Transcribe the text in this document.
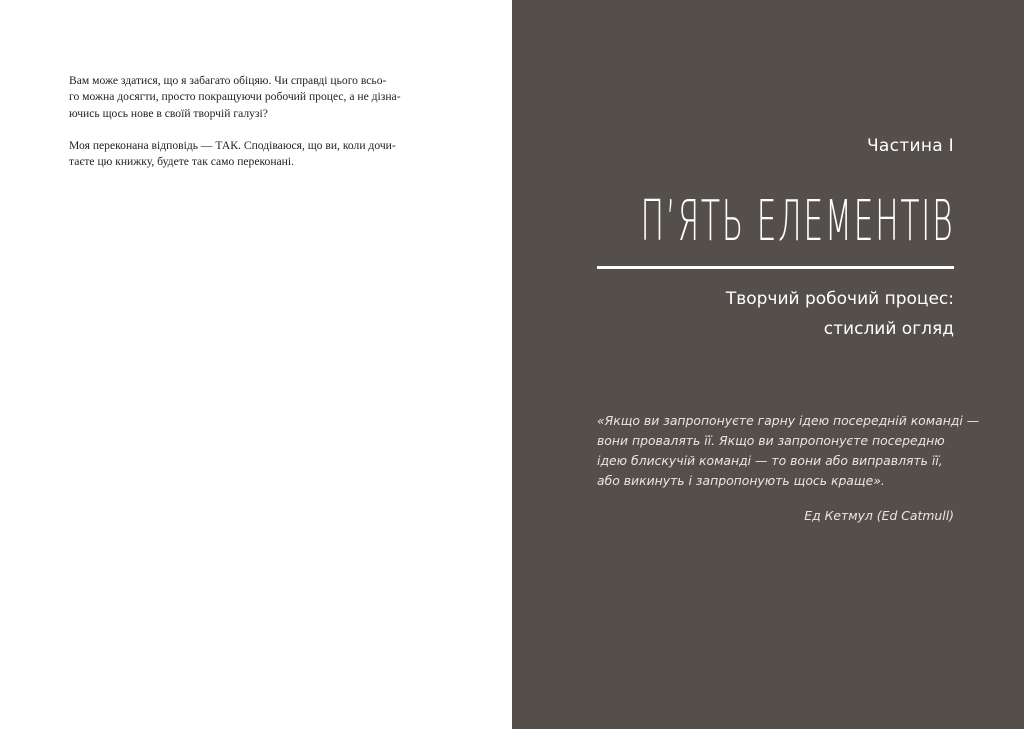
Вам може здатися, що я забагато обіцяю. Чи справді цього всьо-
го можна досягти, просто покращуючи робочий процес, а не дізна-
ючись щось нове в своїй творчій галузі?

Моя переконана відповідь — ТАК. Сподіваюся, що ви, коли дочи-
таєте цю книжку, будете так само переконані.

Частина І
П’ЯТЬ ЕЛЕМЕНТІВ
Творчий робочий процес:
стислий огляд
«Якщо ви запропонуєте гарну ідею посередній команді —
вони провалять її. Якщо ви запропонуєте посередню
ідею блискучій команді — то вони або виправлять її,
або викинуть і запропонують щось краще».
Ед Кетмул (Ed Catmull)
